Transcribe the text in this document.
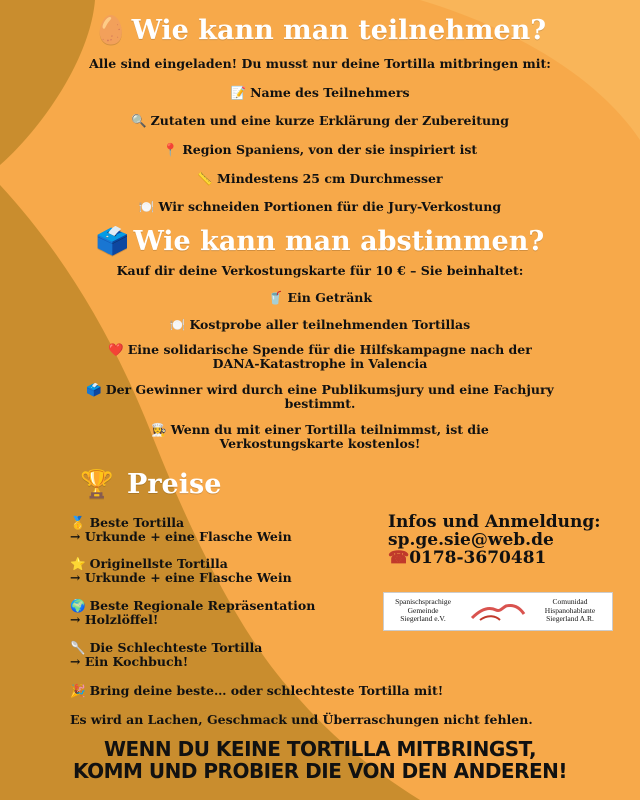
🥚 Wie kann man teilnehmen?
Alle sind eingeladen! Du musst nur deine Tortilla mitbringen mit:
📝 Name des Teilnehmers
🔍 Zutaten und eine kurze Erklärung der Zubereitung
📍 Region Spaniens, von der sie inspiriert ist
📏 Mindestens 25 cm Durchmesser
🍽️ Wir schneiden Portionen für die Jury-Verkostung
🗳️ Wie kann man abstimmen?
Kauf dir deine Verkostungskarte für 10 € – Sie beinhaltet:
🥤 Ein Getränk
🍽️ Kostprobe aller teilnehmenden Tortillas
❤️ Eine solidarische Spende für die Hilfskampagne nach der DANA-Katastrophe in Valencia
🗳️ Der Gewinner wird durch eine Publikumsjury und eine Fachjury bestimmt.
👩‍🍳 Wenn du mit einer Tortilla teilnimmst, ist die Verkostungskarte kostenlos!
🏆 Preise
🥇 Beste Tortilla
→ Urkunde + eine Flasche Wein
⭐ Originellste Tortilla
→ Urkunde + eine Flasche Wein
🌍 Beste Regionale Repräsentation
→ Holzlöffel!
🥄 Die Schlechteste Tortilla
→ Ein Kochbuch!
🎉 Bring deine beste… oder schlechteste Tortilla mit!
Es wird an Lachen, Geschmack und Überraschungen nicht fehlen.
Infos und Anmeldung:
sp.ge.sie@web.de
☎0178-3670481
Spanischsprachige
Gemeinde
Siegerland e.V.
Comunidad
Hispanohablante
Siegerland A.R.
WENN DU KEINE TORTILLA MITBRINGST,
KOMM UND PROBIER DIE VON DEN ANDEREN!
